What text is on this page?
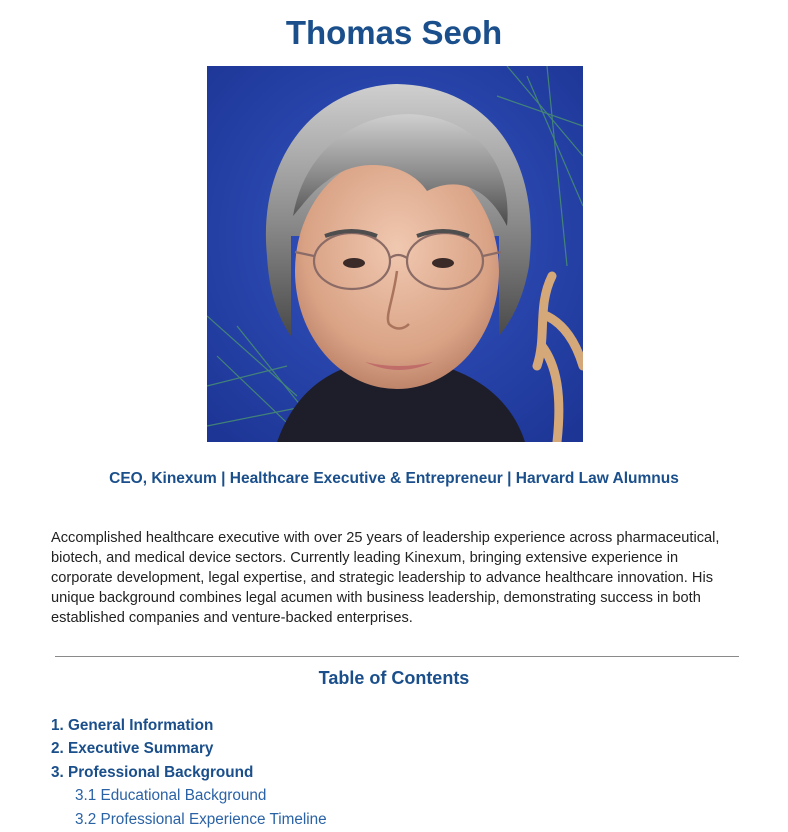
Thomas Seoh

CEO, Kinexum | Healthcare Executive & Entrepreneur | Harvard Law Alumnus

Accomplished healthcare executive with over 25 years of leadership experience across pharmaceutical, biotech, and medical device sectors. Currently leading Kinexum, bringing extensive experience in corporate development, legal expertise, and strategic leadership to advance healthcare innovation. His unique background combines legal acumen with business leadership, demonstrating success in both established companies and venture-backed enterprises.

Table of Contents
1. General Information
2. Executive Summary
3. Professional Background
3.1 Educational Background
3.2 Professional Experience Timeline
